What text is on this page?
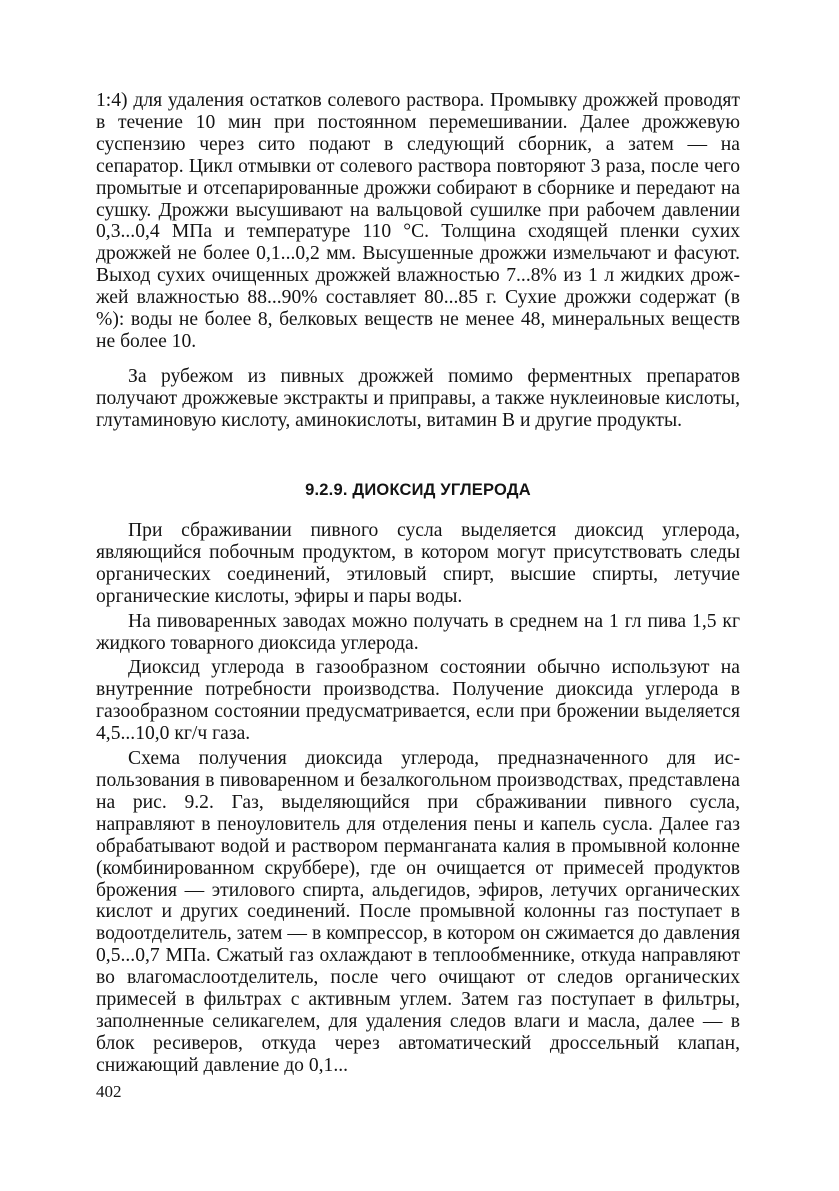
1:4) для удаления остатков солевого раствора. Промывку дрожжей проводят в течение 10 мин при постоянном перемешивании. Далее дрожжевую суспензию через сито подают в следующий сборник, а затем — на сепаратор. Цикл отмывки от солевого раствора повторяют 3 раза, после чего промытые и отсепарированные дрожжи собирают в сборнике и передают на сушку. Дрожжи высушивают на вальцовой сушилке при рабочем давлении 0,3...0,4 МПа и температуре 110 °С. Толщина сходящей пленки сухих дрожжей не более 0,1...0,2 мм. Высушенные дрожжи измельчают и фасуют. Выход сухих очищенных дрожжей влажностью 7...8% из 1 л жидких дрожжей влажностью 88...90% составляет 80...85 г. Сухие дрожжи содержат (в %): воды не более 8, белковых веществ не менее 48, минеральных веществ не более 10.

За рубежом из пивных дрожжей помимо ферментных препаратов получают дрожжевые экстракты и приправы, а также нуклеиновые кислоты, глутаминовую кислоту, аминокислоты, витамин В и другие продукты.

9.2.9. ДИОКСИД УГЛЕРОДА

При сбраживании пивного сусла выделяется диоксид углерода, являющийся побочным продуктом, в котором могут присутствовать следы органических соединений, этиловый спирт, высшие спирты, летучие органические кислоты, эфиры и пары воды.

На пивоваренных заводах можно получать в среднем на 1 гл пива 1,5 кг жидкого товарного диоксида углерода.

Диоксид углерода в газообразном состоянии обычно используют на внутренние потребности производства. Получение диоксида углерода в газообразном состоянии предусматривается, если при брожении выделяется 4,5...10,0 кг/ч газа.

Схема получения диоксида углерода, предназначенного для использования в пивоваренном и безалкогольном производствах, представлена на рис. 9.2. Газ, выделяющийся при сбраживании пивного сусла, направляют в пеноуловитель для отделения пены и капель сусла. Далее газ обрабатывают водой и раствором перманганата калия в промывной колонне (комбинированном скруббере), где он очищается от примесей продуктов брожения — этилового спирта, альдегидов, эфиров, летучих органических кислот и других соединений. После промывной колонны газ поступает в водоотделитель, затем — в компрессор, в котором он сжимается до давления 0,5...0,7 МПа. Сжатый газ охлаждают в теплообменнике, откуда направляют во влагомаслоотделитель, после чего очищают от следов органических примесей в фильтрах с активным углем. Затем газ поступает в фильтры, заполненные селикагелем, для удаления следов влаги и масла, далее — в блок ресиверов, откуда через автоматический дроссельный клапан, снижающий давление до 0,1...

402
